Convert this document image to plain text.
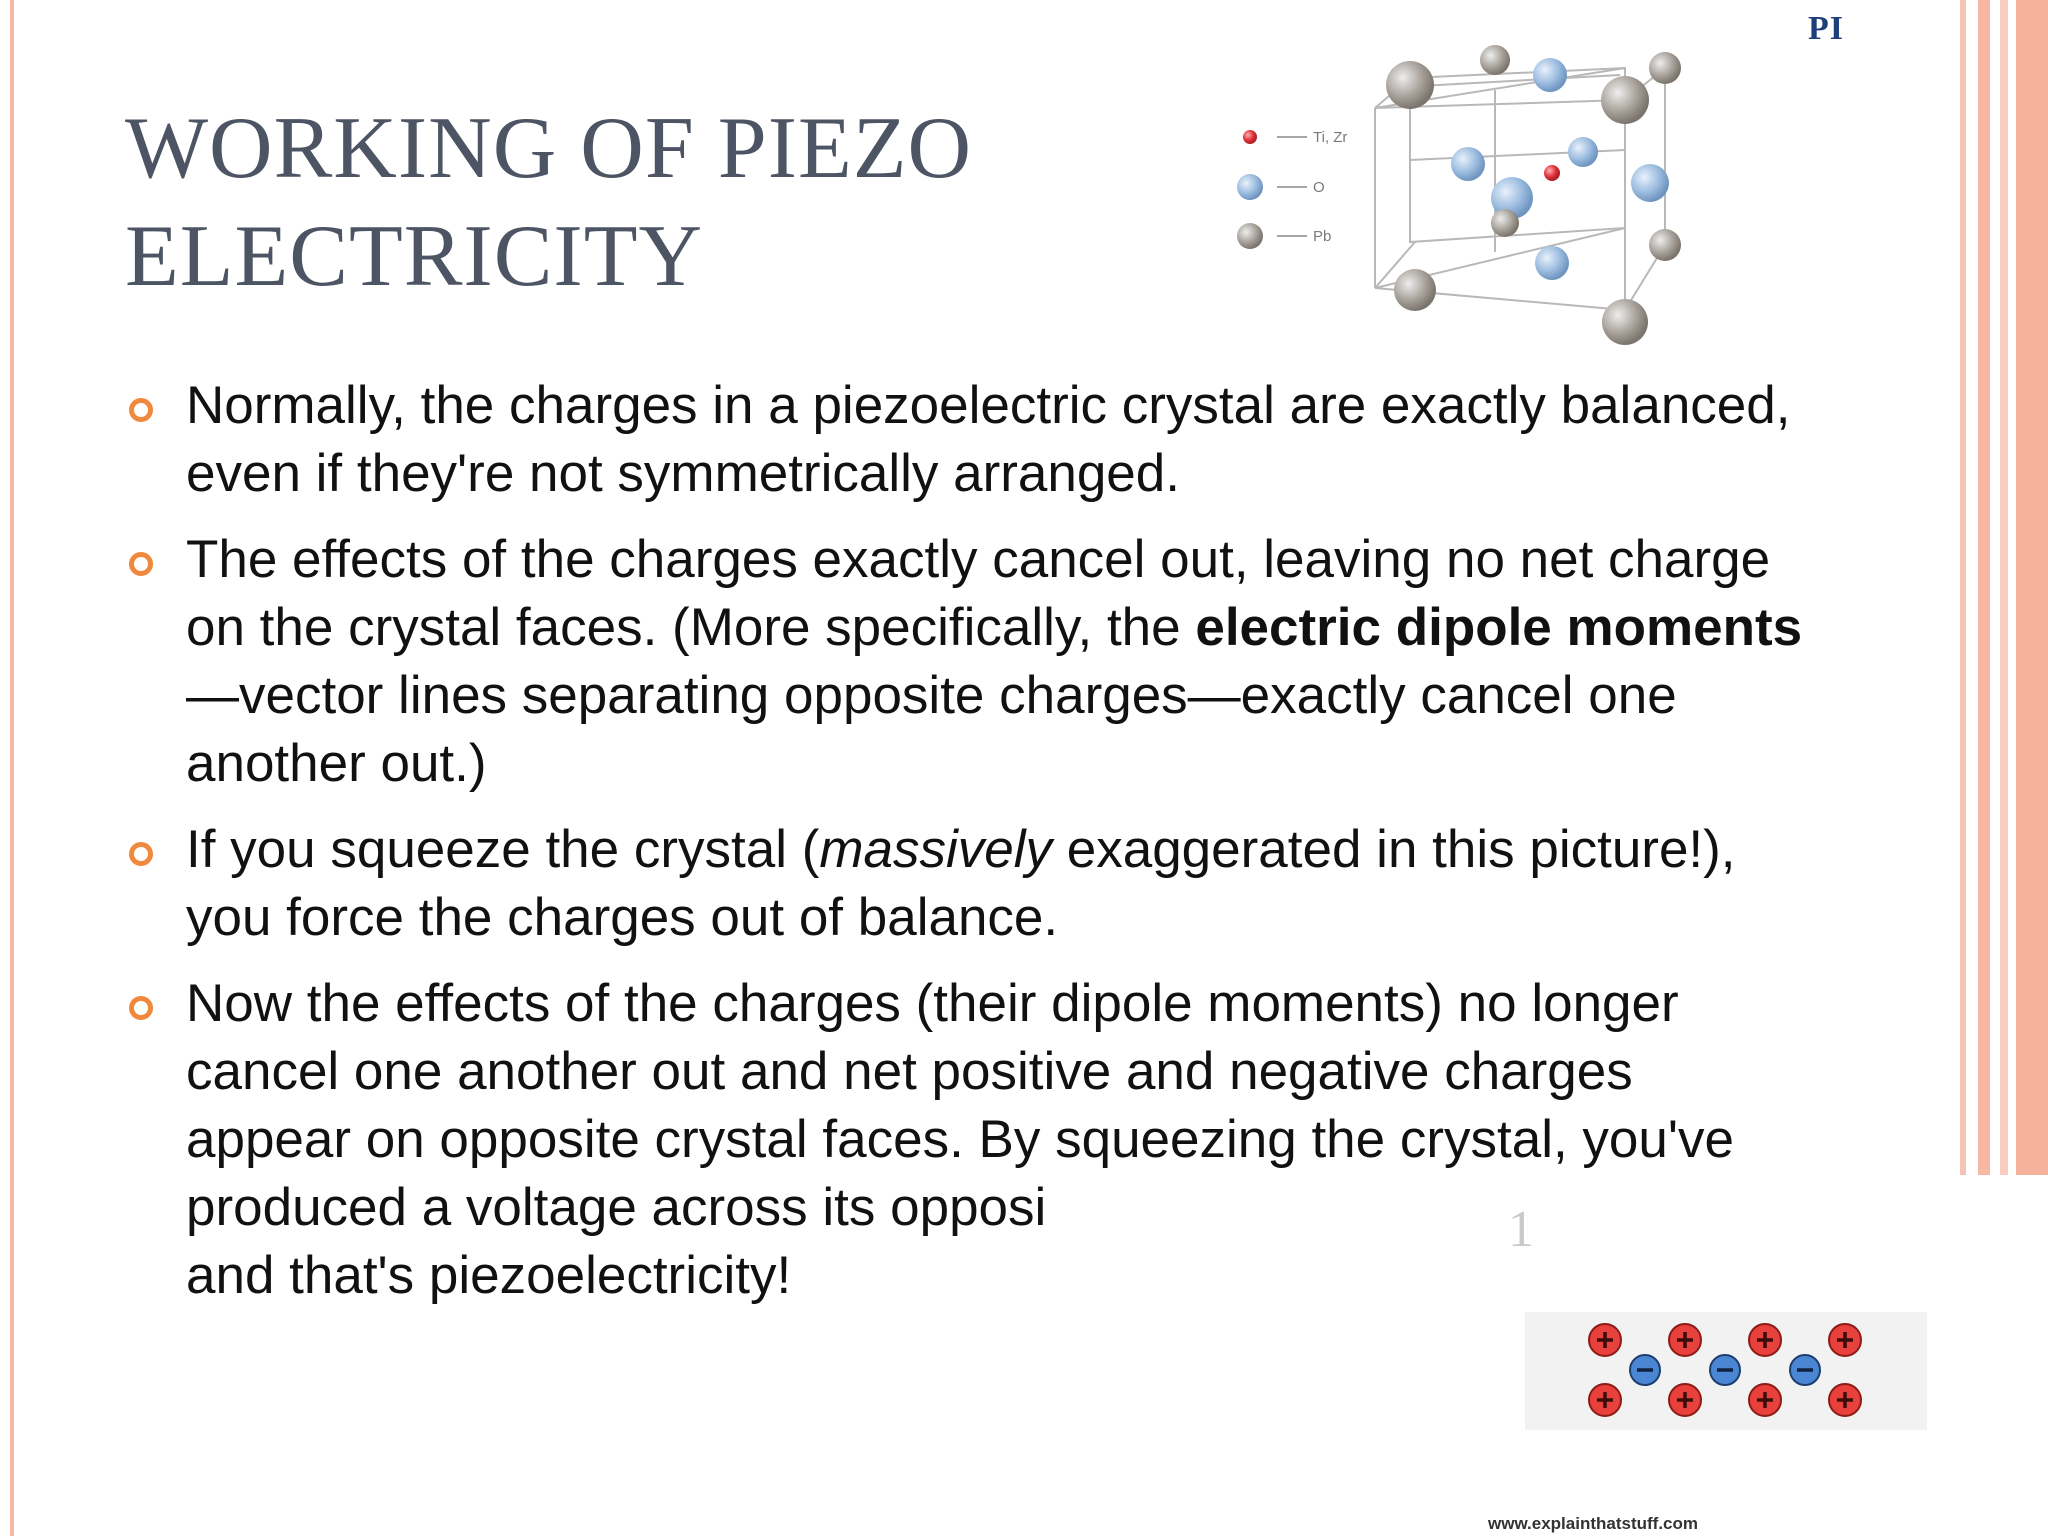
PI
WORKING OF PIEZO ELECTRICITY
Ti, Zr
O
Pb
Normally, the charges in a piezoelectric crystal are exactly balanced, even if they're not symmetrically arranged.
The effects of the charges exactly cancel out, leaving no net charge on the crystal faces. (More specifically, the electric dipole moments—vector lines separating opposite charges—exactly cancel one another out.)
If you squeeze the crystal (massively exaggerated in this picture!), you force the charges out of balance.
Now the effects of the charges (their dipole moments) no longer cancel one another out and net positive and negative charges appear on opposite crystal faces. By squeezing the crystal, you've produced a voltage across its opposi
and that's piezoelectricity!
1
www.explainthatstuff.com
